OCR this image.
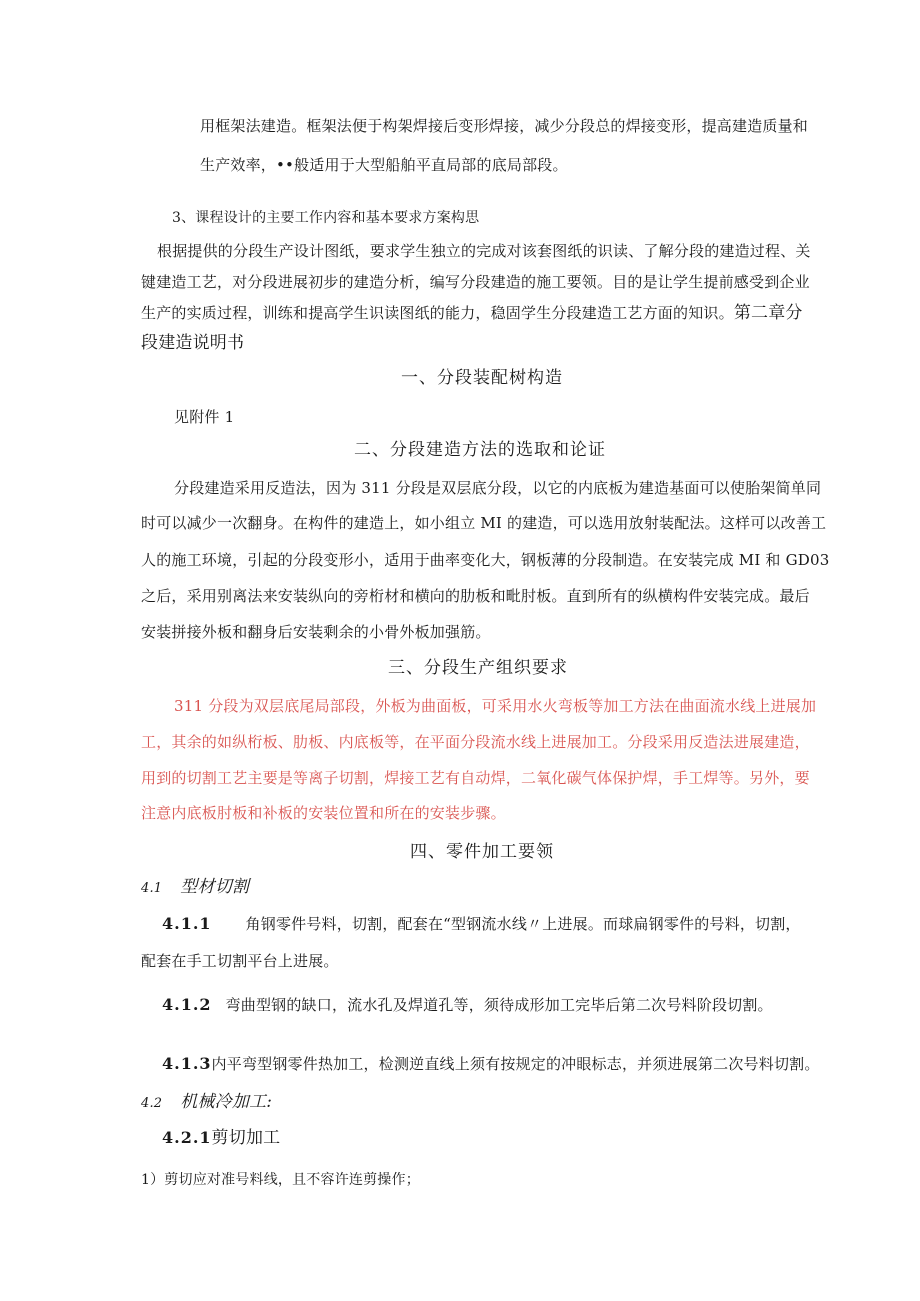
用框架法建造。框架法便于构架焊接后变形焊接，减少分段总的焊接变形，提高建造质量和
生产效率，••般适用于大型船舶平直局部的底局部段。
3、课程设计的主要工作内容和基本要求方案构思
根据提供的分段生产设计图纸，要求学生独立的完成对该套图纸的识读、了解分段的建造过程、关
键建造工艺，对分段进展初步的建造分析，编写分段建造的施工要领。目的是让学生提前感受到企业
生产的实质过程，训练和提高学生识读图纸的能力，稳固学生分段建造工艺方面的知识。第二章分
段建造说明书
一、分段装配树构造
见附件 1
二、分段建造方法的选取和论证
分段建造采用反造法，因为 311 分段是双层底分段，以它的内底板为建造基面可以使胎架简单同
时可以减少一次翻身。在构件的建造上，如小组立 MI 的建造，可以选用放射装配法。这样可以改善工
人的施工环境，引起的分段变形小，适用于曲率变化大，钢板薄的分段制造。在安装完成 MI 和 GD03
之后，采用别离法来安装纵向的旁桁材和横向的肋板和毗肘板。直到所有的纵横构件安装完成。最后
安装拼接外板和翻身后安装剩余的小骨外板加强筋。
三、分段生产组织要求
311 分段为双层底尾局部段，外板为曲面板，可采用水火弯板等加工方法在曲面流水线上进展加
工，其余的如纵桁板、肋板、内底板等，在平面分段流水线上进展加工。分段采用反造法进展建造，
用到的切割工艺主要是等离子切割，焊接工艺有自动焊，二氧化碳气体保护焊，手工焊等。另外，要
注意内底板肘板和补板的安装位置和所在的安装步骤。
四、零件加工要领
4.1 型材切割
4.1.1 角钢零件号料，切割，配套在“型钢流水线〃上进展。而球扁钢零件的号料，切割，
配套在手工切割平台上进展。
4.1.2 弯曲型钢的缺口，流水孔及焊道孔等，须待成形加工完毕后第二次号料阶段切割。
4.1.3内平弯型钢零件热加工，检测逆直线上须有按规定的冲眼标志，并须进展第二次号料切割。
4.2 机械冷加工:
4.2.1剪切加工
1）剪切应对准号料线，且不容许连剪操作；
